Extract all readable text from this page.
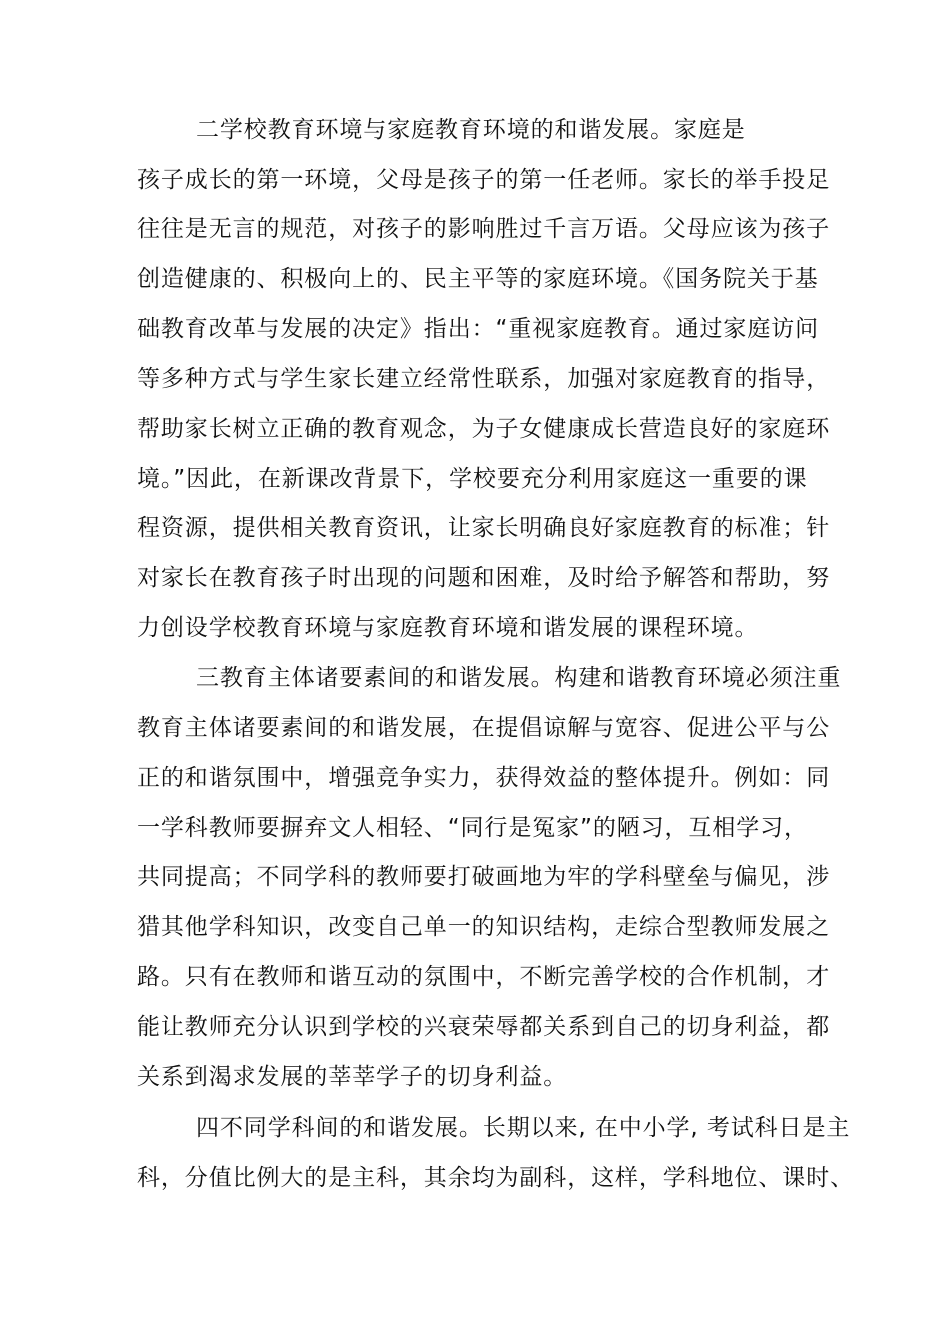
二学校教育环境与家庭教育环境的和谐发展。家庭是
孩子成长的第一环境，父母是孩子的第一任老师。家长的举手投足
往往是无言的规范，对孩子的影响胜过千言万语。父母应该为孩子
创造健康的、积极向上的、民主平等的家庭环境。《国务院关于基
础教育改革与发展的决定》指出：“重视家庭教育。通过家庭访问
等多种方式与学生家长建立经常性联系，加强对家庭教育的指导，
帮助家长树立正确的教育观念，为子女健康成长营造良好的家庭环
境。”因此，在新课改背景下，学校要充分利用家庭这一重要的课
程资源，提供相关教育资讯，让家长明确良好家庭教育的标准；针
对家长在教育孩子时出现的问题和困难，及时给予解答和帮助，努
力创设学校教育环境与家庭教育环境和谐发展的课程环境。
三教育主体诸要素间的和谐发展。构建和谐教育环境必须注重
教育主体诸要素间的和谐发展，在提倡谅解与宽容、促进公平与公
正的和谐氛围中，增强竞争实力，获得效益的整体提升。例如：同
一学科教师要摒弃文人相轻、“同行是冤家”的陋习，互相学习，
共同提高；不同学科的教师要打破画地为牢的学科壁垒与偏见，涉
猎其他学科知识，改变自己单一的知识结构，走综合型教师发展之
路。只有在教师和谐互动的氛围中，不断完善学校的合作机制，才
能让教师充分认识到学校的兴衰荣辱都关系到自己的切身利益，都
关系到渴求发展的莘莘学子的切身利益。
四不同学科间的和谐发展。长期以来, 在中小学, 考试科日是主
科，分值比例大的是主科，其余均为副科，这样，学科地位、课时、
